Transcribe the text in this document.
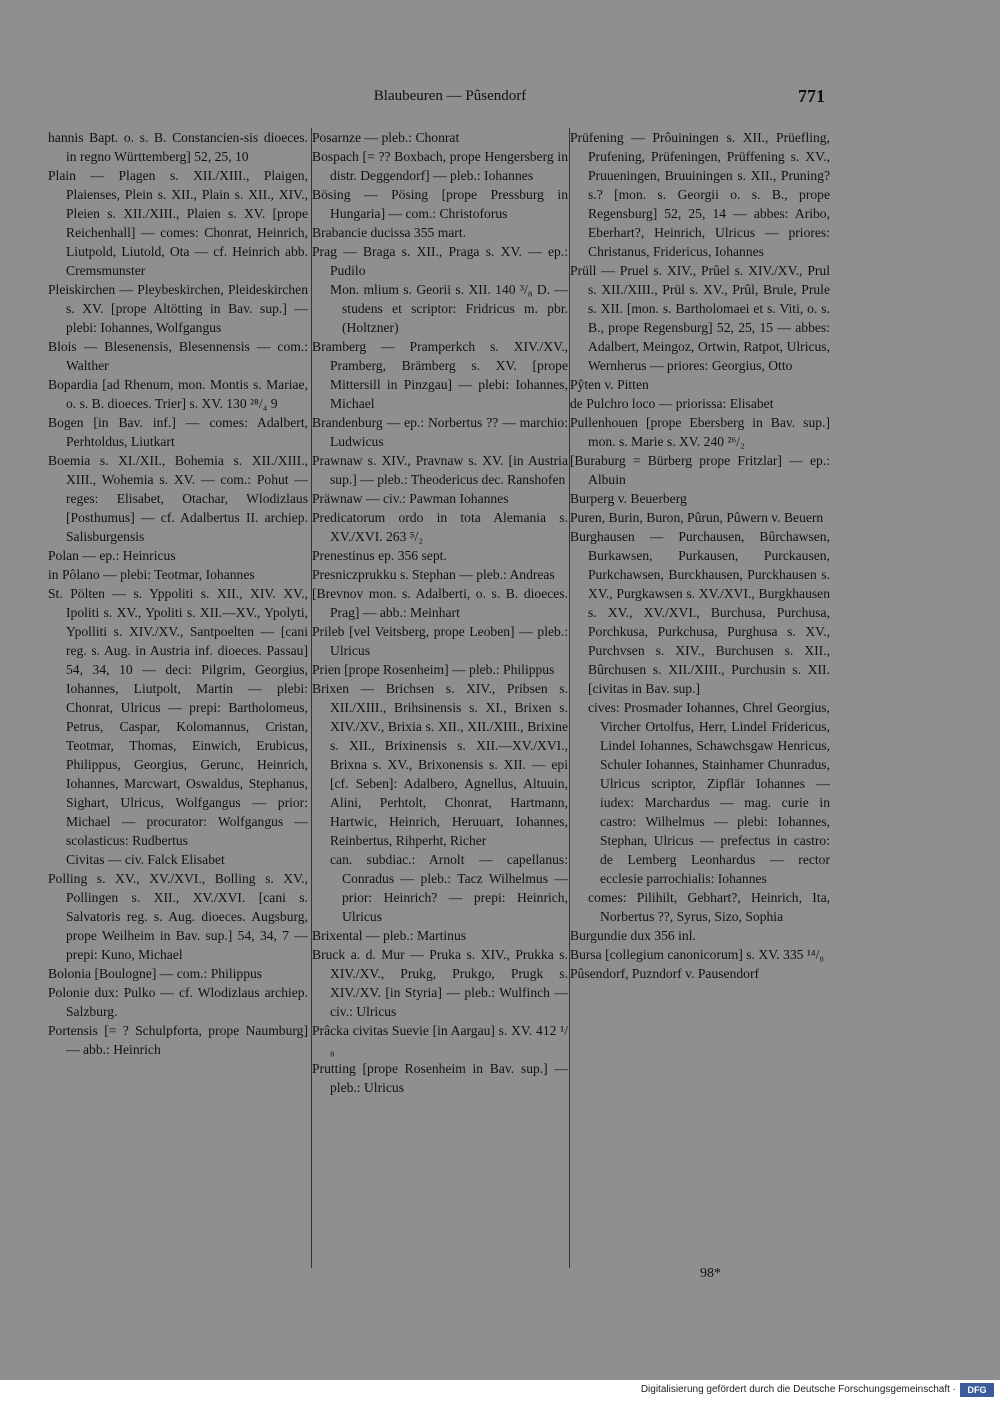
Blaubeuren — Pûsendorf	771
hannis Bapt. o. s. B. Constancien-sis dioeces. in regno Württemberg] 52, 25, 10
Plain — Plagen s. XII./XIII., Plaigen, Plaienses, Plein s. XII., Plain s. XII., XIV., Pleien s. XII./XIII., Plaien s. XV. [prope Reichenhall] — comes: Chonrat, Heinrich, Liutpold, Liutold, Ota — cf. Heinrich abb. Cremsmunster
Pleiskirchen — Pleybeskirchen, Pleideskirchen s. XV. [prope Altötting in Bav. sup.] — plebi: Iohannes, Wolfgangus
Blois — Blesenensis, Blesennensis — com.: Walther
Bopardia [ad Rhenum, mon. Montis s. Mariae, o. s. B. dioeces. Trier] s. XV. 130 ²⁸/₄ 9
Bogen [in Bav. inf.] — comes: Adalbert, Perhtoldus, Liutkart
Boemia s. XI./XII., Bohemia s. XII./XIII., XIII., Wohemia s. XV. — com.: Pohut — reges: Elisabet, Otachar, Wlodizlaus [Posthumus] — cf. Adalbertus II. archiep. Salisburgensis
Polan — ep.: Heinricus
in Pôlano — plebi: Teotmar, Iohannes
St. Pölten — s. Yppoliti s. XII., XIV. XV., Ipoliti s. XV., Ypoliti s. XII.—XV., Ypolyti, Ypolliti s. XIV./XV., Santpoelten — [cani reg. s. Aug. in Austria inf. dioeces. Passau] 54, 34, 10 — deci: Pilgrim, Georgius, Iohannes, Liutpolt, Martin — plebi: Chonrat, Ulricus — prepi: Bartholomeus, Petrus, Caspar, Kolomannus, Cristan, Teotmar, Thomas, Einwich, Erubicus, Philippus, Georgius, Gerunc, Heinrich, Iohannes, Marcwart, Oswaldus, Stephanus, Sighart, Ulricus, Wolfgangus — prior: Michael — procurator: Wolfgangus — scolasticus: Rudbertus
Civitas — civ. Falck Elisabet
Polling s. XV., XV./XVI., Bolling s. XV., Pollingen s. XII., XV./XVI. [cani s. Salvatoris reg. s. Aug. dioeces. Augsburg, prope Weilheim in Bav. sup.] 54, 34, 7 — prepi: Kuno, Michael
Bolonia [Boulogne] — com.: Philippus
Polonie dux: Pulko — cf. Wlodizlaus archiep. Salzburg.
Portensis [= ? Schulpforta, prope Naumburg] — abb.: Heinrich
Posarnze — pleb.: Chonrat
Bospach [= ?? Boxbach, prope Hengersberg in distr. Deggendorf] — pleb.: Iohannes
Bösing — Pösing [prope Pressburg in Hungaria] — com.: Christoforus
Brabancie ducissa 355 mart.
Prag — Braga s. XII., Praga s. XV. — ep.: Pudilo
Mon. mlium s. Georii s. XII. 140 ³/₈ D. — studens et scriptor: Fridricus m. pbr. (Holtzner)
Bramberg — Pramperkch s. XIV./XV., Pramberg, Brämberg s. XV. [prope Mittersill in Pinzgau] — plebi: Iohannes, Michael
Brandenburg — ep.: Norbertus ?? — marchio: Ludwicus
Prawnaw s. XIV., Pravnaw s. XV. [in Austria sup.] — pleb.: Theodericus dec. Ranshofen
Präwnaw — civ.: Pawman Iohannes
Predicatorum ordo in tota Alemania s. XV./XVI. 263 ⁵/₂
Prenestinus ep. 356 sept.
Presniczprukku s. Stephan — pleb.: Andreas
[Brevnov mon. s. Adalberti, o. s. B. dioeces. Prag] — abb.: Meinhart
Prileb [vel Veitsberg, prope Leoben] — pleb.: Ulricus
Prien [prope Rosenheim] — pleb.: Philippus
Brixen — Brichsen s. XIV., Pribsen s. XII./XIII., Brihsinensis s. XI., Brixen s. XIV./XV., Brixia s. XII., XII./XIII., Brixine s. XII., Brixinensis s. XII.—XV./XVI., Brixna s. XV., Brixonensis s. XII. — epi [cf. Seben]: Adalbero, Agnellus, Altuuin, Alini, Perhtolt, Chonrat, Hartmann, Hartwic, Heinrich, Heruuart, Iohannes, Reinbertus, Rihperht, Richer
can. subdiac.: Arnolt — capellanus: Conradus — pleb.: Tacz Wilhelmus — prior: Heinrich? — prepi: Heinrich, Ulricus
Brixental — pleb.: Martinus
Bruck a. d. Mur — Pruka s. XIV., Prukka s. XIV./XV., Prukg, Prukgo, Prugk s. XIV./XV. [in Styria] — pleb.: Wulfinch — civ.: Ulricus
Prâcka civitas Suevie [in Aargau] s. XV. 412 ¹/₈
Prutting [prope Rosenheim in Bav. sup.] — pleb.: Ulricus
Prüfening — Prôuiningen s. XII., Prüefling, Prufening, Prüfeningen, Prüffening s. XV., Pruueningen, Bruuiningen s. XII., Pruning? s.? [mon. s. Georgii o. s. B., prope Regensburg] 52, 25, 14 — abbes: Aribo, Eberhart?, Heinrich, Ulricus — priores: Christanus, Fridericus, Iohannes
Prüll — Pruel s. XIV., Prûel s. XIV./XV., Prul s. XII./XIII., Prül s. XV., Prûl, Brule, Prule s. XII. [mon. s. Bartholomaei et s. Viti, o. s. B., prope Regensburg] 52, 25, 15 — abbes: Adalbert, Meingoz, Ortwin, Ratpot, Ulricus, Wernherus — priores: Georgius, Otto
Pŷten v. Pitten
de Pulchro loco — priorissa: Elisabet
Pullenhouen [prope Ebersberg in Bav. sup.] mon. s. Marie s. XV. 240 ²⁶/₂
[Buraburg = Bürberg prope Fritzlar] — ep.: Albuin
Burperg v. Beuerberg
Puren, Burin, Buron, Pûrun, Pûwern v. Beuern
Burghausen — Purchausen, Bûrchawsen, Burkawsen, Purkausen, Purckausen, Purkchawsen, Burckhausen, Purckhausen s. XV., Purgkawsen s. XV./XVI., Burgkhausen s. XV., XV./XVI., Burchusa, Purchusa, Porchkusa, Purkchusa, Purghusa s. XV., Purchvsen s. XIV., Burchusen s. XII., Bûrchusen s. XII./XIII., Purchusin s. XII. [civitas in Bav. sup.]
cives: Prosmader Iohannes, Chrel Georgius, Vircher Ortolfus, Herr, Lindel Fridericus, Lindel Iohannes, Schawchsgaw Henricus, Schuler Iohannes, Stainhamer Chunradus, Ulricus scriptor, Zipflär Iohannes — iudex: Marchardus — mag. curie in castro: Wilhelmus — plebi: Iohannes, Stephan, Ulricus — prefectus in castro: de Lemberg Leonhardus — rector ecclesie parrochialis: Iohannes
comes: Pilihilt, Gebhart?, Heinrich, Ita, Norbertus ??, Syrus, Sizo, Sophia
Burgundie dux 356 inl.
Bursa [collegium canonicorum] s. XV. 335 ¹⁴/₈
Pûsendorf, Puzndorf v. Pausendorf
98*
Digitalisierung gefördert durch die Deutsche Forschungsgemeinschaft ·	DFG
